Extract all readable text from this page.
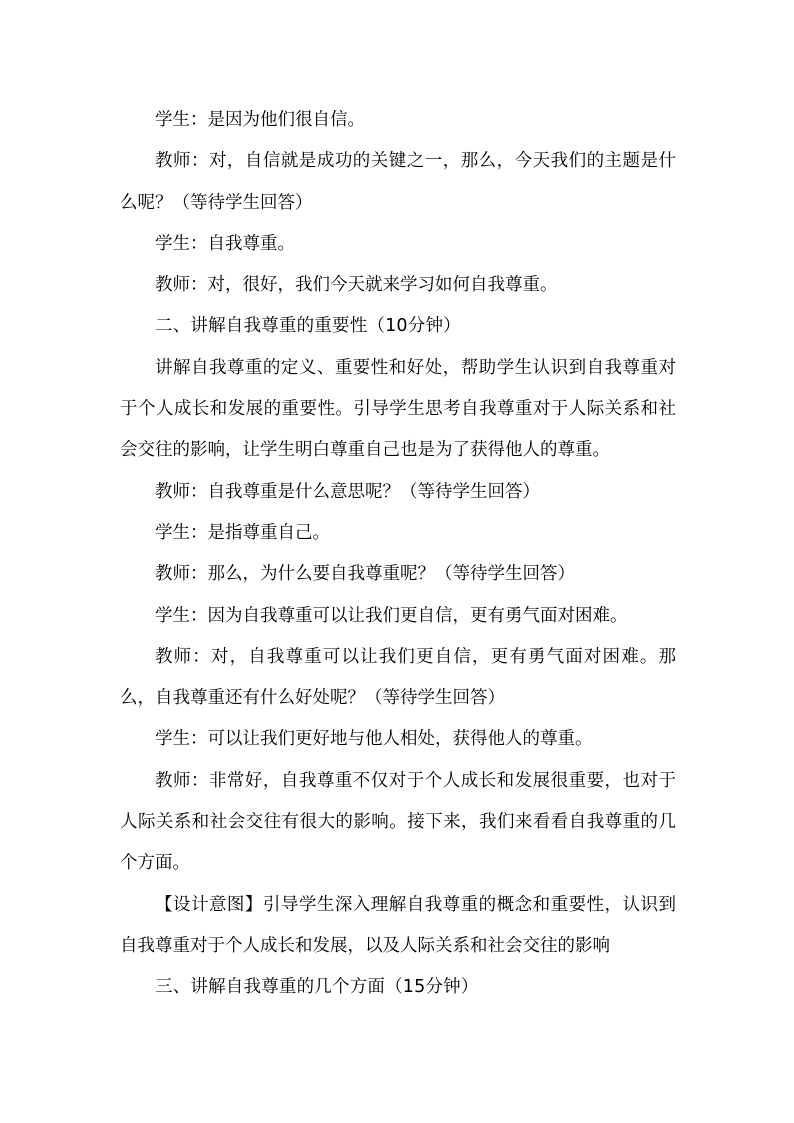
学生：是因为他们很自信。

教师：对，自信就是成功的关键之一，那么，今天我们的主题是什么呢？（等待学生回答）

学生：自我尊重。

教师：对，很好，我们今天就来学习如何自我尊重。

二、讲解自我尊重的重要性（10分钟）

讲解自我尊重的定义、重要性和好处，帮助学生认识到自我尊重对于个人成长和发展的重要性。引导学生思考自我尊重对于人际关系和社会交往的影响，让学生明白尊重自己也是为了获得他人的尊重。

教师：自我尊重是什么意思呢？（等待学生回答）

学生：是指尊重自己。

教师：那么，为什么要自我尊重呢？（等待学生回答）

学生：因为自我尊重可以让我们更自信，更有勇气面对困难。

教师：对，自我尊重可以让我们更自信，更有勇气面对困难。那么，自我尊重还有什么好处呢？（等待学生回答）

学生：可以让我们更好地与他人相处，获得他人的尊重。

教师：非常好，自我尊重不仅对于个人成长和发展很重要，也对于人际关系和社会交往有很大的影响。接下来，我们来看看自我尊重的几个方面。

【设计意图】引导学生深入理解自我尊重的概念和重要性，认识到自我尊重对于个人成长和发展，以及人际关系和社会交往的影响

三、讲解自我尊重的几个方面（15分钟）
